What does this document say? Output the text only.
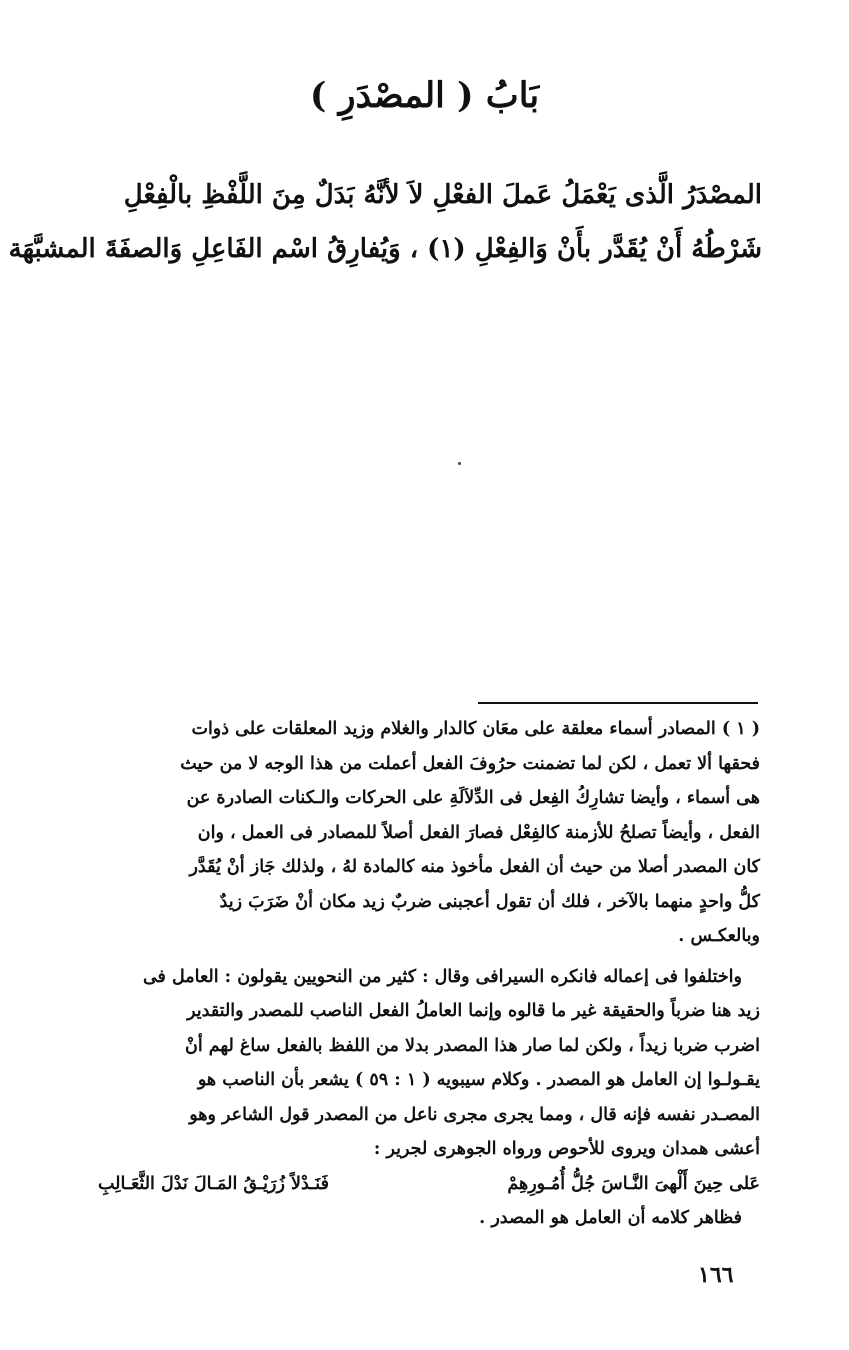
بَابُ ( المصْدَرِ )
المصْدَرُ الَّذى يَعْمَلُ عَملَ الفعْلِ لاَ لأنَّهُ بَدَلٌ مِنَ اللَّفْظِ بالْفِعْلِ
شَرْطُهُ أَنْ يُقَدَّر بأَنْ وَالفِعْلِ (١) ، وَيُفارِقُ اسْم الفَاعِلِ وَالصفَةَ المشبَّهَة
( ١ ) المصادر أسماء معلقة على معَان كالدار والغلام وزيد المعلقات على ذوات
فحقها ألا تعمل ، لكن لما تضمنت حرُوفَ الفعل أعملت من هذا الوجه لا من حيث
هى أسماء ، وأيضا تشارِكُ الفِعل فى الدِّلاَلَةِ على الحركات والـكنات الصادرة عن
الفعل ، وأيضاً تصلحُ للأزمنة كالفِعْل فصارَ الفعل أصلاً للمصادر فى العمل ، وان
كان المصدر أصلا من حيث أن الفعل مأخوذ منه كالمادة لهُ ، ولذلك جَاز أنْ يُقَدَّر
كلُّ واحدٍ منهما بالآخر ، فلك أن تقول أعجبنى ضربٌ زيد مكان أنْ ضَرَبَ زيدٌ
وبالعكـس .
واختلفوا فى إعماله فانكره السيرافى وقال : كثير من النحويين يقولون : العامل فى
زيد هنا ضرباً والحقيقة غير ما قالوه وإنما العاملُ الفعل الناصب للمصدر والتقدير
اضرب ضربا زيداً ، ولكن لما صار هذا المصدر بدلا من اللفظ بالفعل ساغ لهم أنْ
يقـولـوا إن العامل هو المصدر . وكلام سيبويه ( ١ : ٥٩ ) يشعر بأن الناصب هو
المصـدر نفسه فإنه قال ، ومما يجرى مجرى ناعل من المصدر قول الشاعر وهو
أعشى همدان ويروى للأحوص ورواه الجوهرى لجرير :
عَلى حِينَ أَلْهىَ النَّـاسَ جُلُّ أُمُـورِهِمْ
فَنَـدْلاً زُرَيْـقُ المَـالَ نَدْلَ الثَّعَـالِبِ
فظاهر كلامه أن العامل هو المصدر .
١٦٦
